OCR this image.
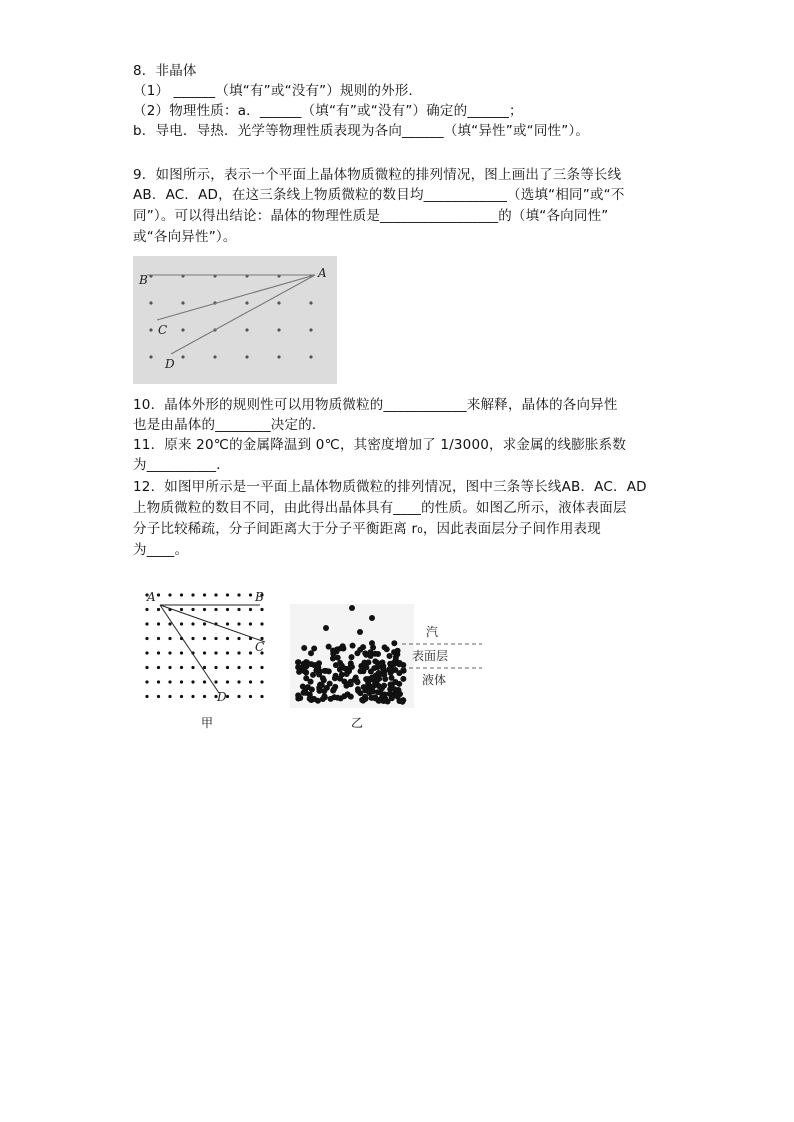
8．非晶体
（1） ______（填“有”或“没有”）规则的外形．
（2）物理性质：a．______（填“有”或“没有”）确定的______；
b．导电．导热．光学等物理性质表现为各向______（填“异性”或“同性”）。
9．如图所示，表示一个平面上晶体物质微粒的排列情况，图上画出了三条等长线
AB．AC．AD，在这三条线上物质微粒的数目均____________（选填“相同”或“不
同”）。可以得出结论：晶体的物理性质是_________________的（填“各向同性”
或“各向异性”）。
A
B
C
D
10．晶体外形的规则性可以用物质微粒的____________来解释，晶体的各向异性
也是由晶体的________决定的．
11．原来 20℃的金属降温到 0℃，其密度增加了 1/3000，求金属的线膨胀系数
为__________．
12．如图甲所示是一平面上晶体物质微粒的排列情况，图中三条等长线AB．AC．AD
上物质微粒的数目不同，由此得出晶体具有____的性质。如图乙所示，液体表面层
分子比较稀疏，分子间距离大于分子平衡距离 r₀，因此表面层分子间作用表现
为____。
A	B
C
D
甲
汽
表面层
液体
乙
